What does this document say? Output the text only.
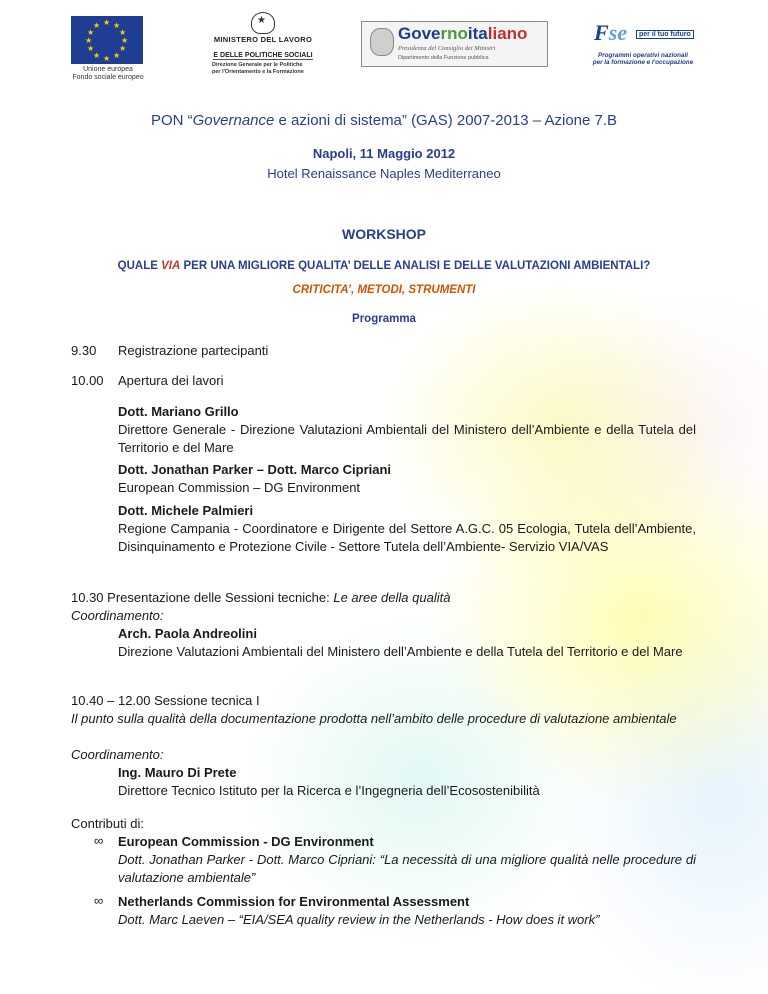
★ ★
★
★
★
★
★
★
★
★
★
★
Unione europea
Fondo sociale europeo
★
MINISTERO DEL LAVORO
E DELLE POLITICHE SOCIALI
Direzione Generale per le Politiche
per l'Orientamento e la Formazione
Governoitaliano
Presidenza del Consiglio dei Ministri
Dipartimento della Funzione pubblica
Fse	per il tuo futuro
Programmi operativi nazionali
per la formazione e l'occupazione
PON “Governance e azioni di sistema” (GAS) 2007-2013 – Azione 7.B
Napoli, 11 Maggio 2012
Hotel Renaissance Naples Mediterraneo
WORKSHOP
QUALE VIA PER UNA MIGLIORE QUALITA’ DELLE ANALISI E DELLE VALUTAZIONI AMBIENTALI?
CRITICITA’, METODI, STRUMENTI
Programma
9.30 Registrazione partecipanti
10.00 Apertura dei lavori
Dott. Mariano Grillo
Direttore Generale - Direzione Valutazioni Ambientali del Ministero dell’Ambiente e della Tutela del Territorio e del Mare
Dott. Jonathan Parker – Dott. Marco Cipriani
European Commission – DG Environment
Dott. Michele Palmieri
Regione Campania - Coordinatore e Dirigente del Settore A.G.C. 05 Ecologia, Tutela dell’Ambiente, Disinquinamento e Protezione Civile - Settore Tutela dell’Ambiente- Servizio VIA/VAS
10.30 Presentazione delle Sessioni tecniche: Le aree della qualità
Coordinamento:
Arch. Paola Andreolini
Direzione Valutazioni Ambientali del Ministero dell’Ambiente e della Tutela del Territorio e del Mare
10.40 – 12.00 Sessione tecnica I
Il punto sulla qualità della documentazione prodotta nell’ambito delle procedure di valutazione ambientale
Coordinamento:
Ing. Mauro Di Prete
Direttore Tecnico Istituto per la Ricerca e l’Ingegneria dell’Ecosostenibilità
Contributi di:
∞ European Commission - DG Environment
Dott. Jonathan Parker - Dott. Marco Cipriani: “La necessità di una migliore qualità nelle procedure di valutazione ambientale”
∞ Netherlands Commission for Environmental Assessment
Dott. Marc Laeven – “EIA/SEA quality review in the Netherlands - How does it work”
